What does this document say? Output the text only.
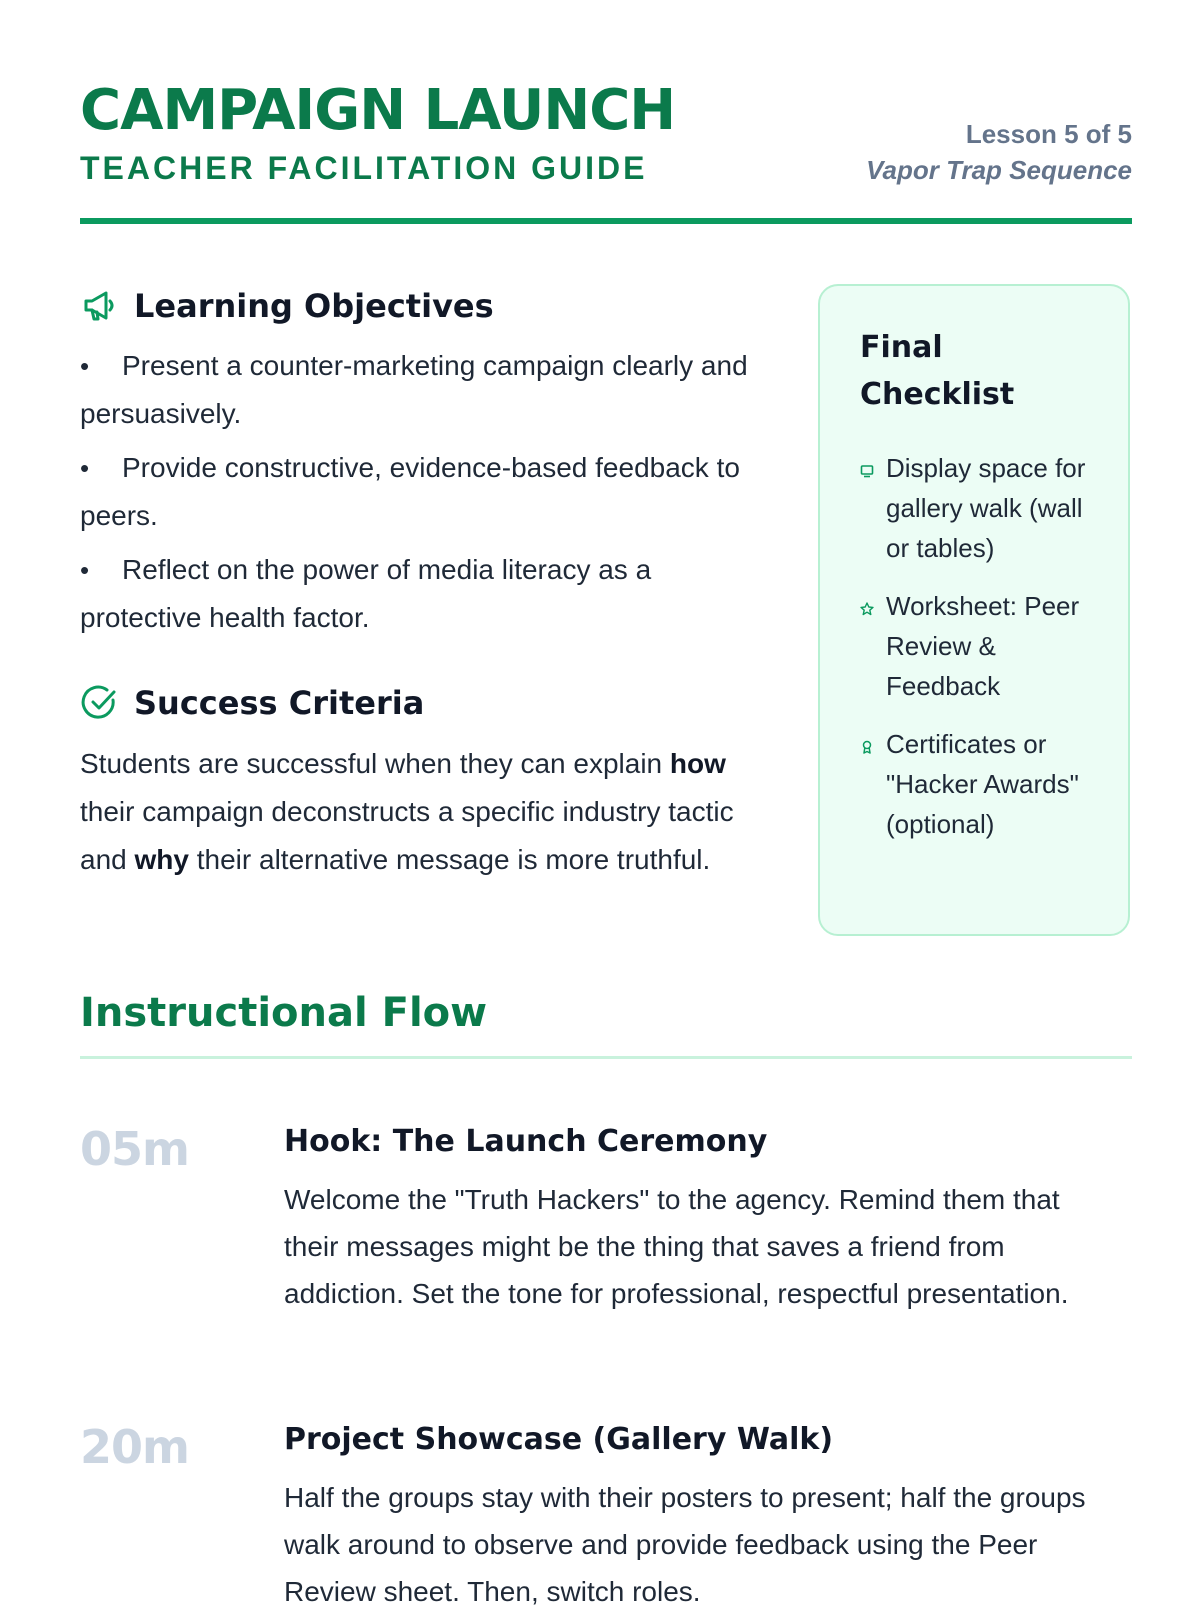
CAMPAIGN LAUNCH
TEACHER FACILITATION GUIDE
Lesson 5 of 5
Vapor Trap Sequence
Learning Objectives
• Present a counter-marketing campaign clearly and persuasively.
• Provide constructive, evidence-based feedback to peers.
• Reflect on the power of media literacy as a protective health factor.
Success Criteria

Students are successful when they can explain how their campaign deconstructs a specific industry tactic and why their alternative message is more truthful.

Final Checklist
Display space for gallery walk (wall or tables)
Worksheet: Peer Review & Feedback
Certificates or "Hacker Awards" (optional)
Instructional Flow
05m	Hook: The Launch Ceremony
Welcome the "Truth Hackers" to the agency. Remind them that their messages might be the thing that saves a friend from addiction. Set the tone for professional, respectful presentation.
20m	Project Showcase (Gallery Walk)
Half the groups stay with their posters to present; half the groups walk around to observe and provide feedback using the Peer Review sheet. Then, switch roles.
